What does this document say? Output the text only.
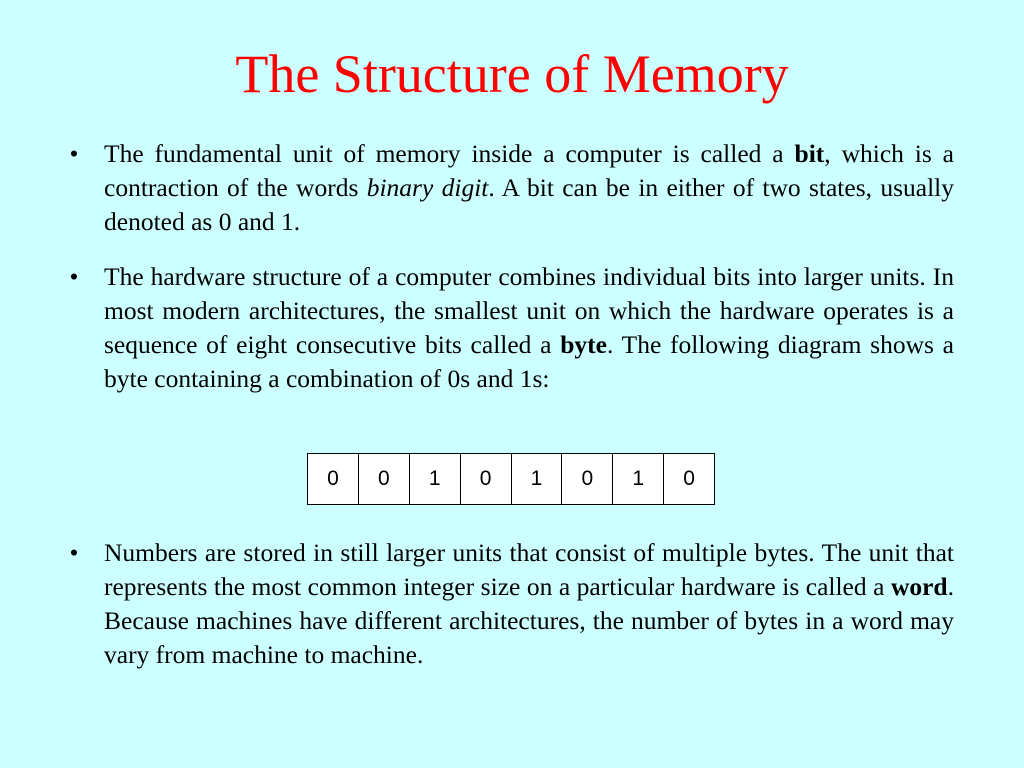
The Structure of Memory
• The fundamental unit of memory inside a computer is called a bit, which is a contraction of the words binary digit. A bit can be in either of two states, usually denoted as 0 and 1.
• The hardware structure of a computer combines individual bits into larger units. In most modern architectures, the smallest unit on which the hardware operates is a sequence of eight consecutive bits called a byte. The following diagram shows a byte containing a combination of 0s and 1s:
0	0	1	0	1	0	1	0
• Numbers are stored in still larger units that consist of multiple bytes. The unit that represents the most common integer size on a particular hardware is called a word. Because machines have different architectures, the number of bytes in a word may vary from machine to machine.
